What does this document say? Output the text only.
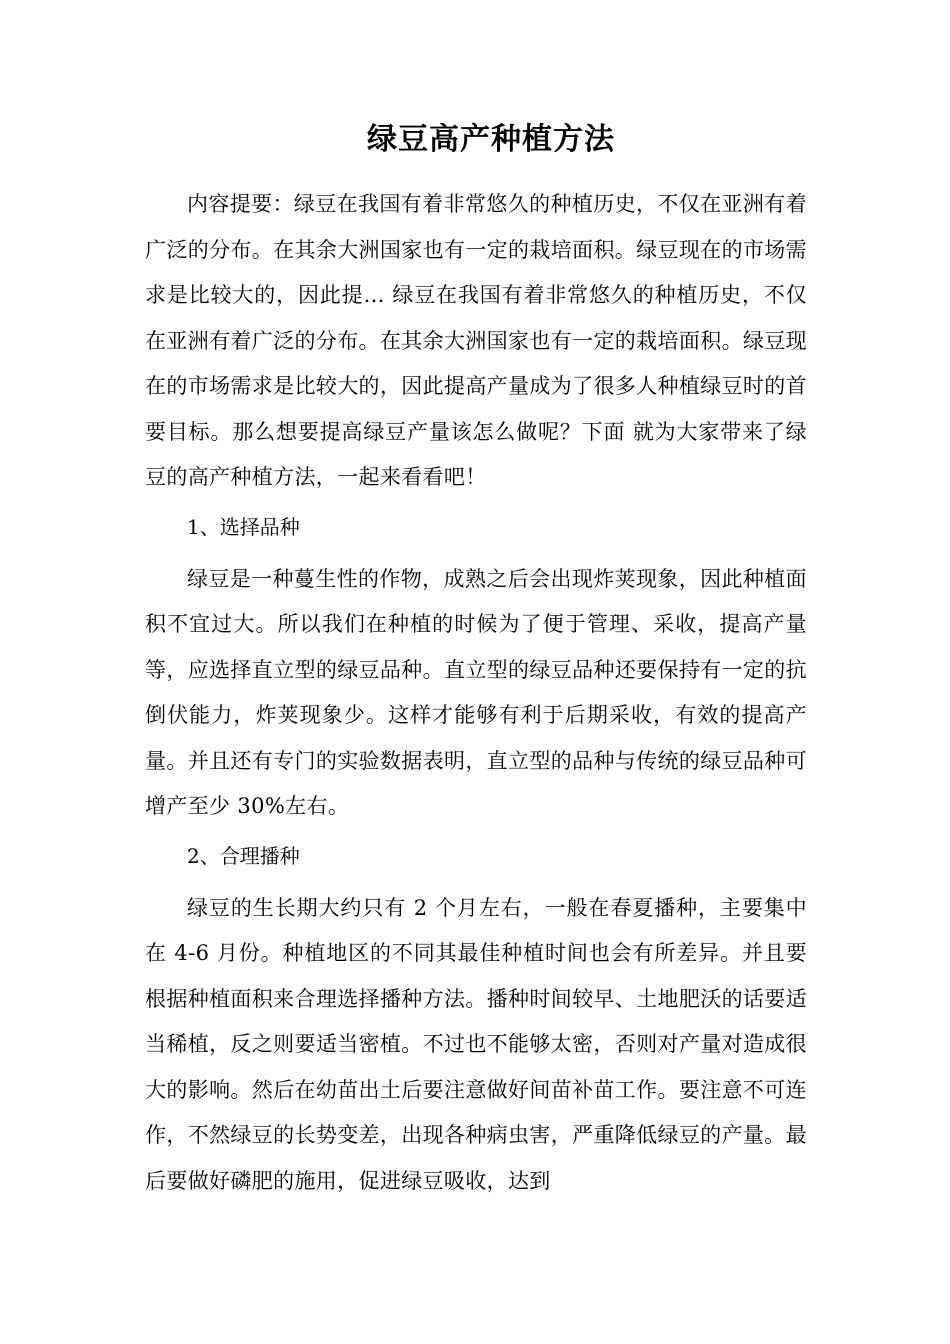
绿豆高产种植方法

内容提要：绿豆在我国有着非常悠久的种植历史，不仅在亚洲有着广泛的分布。在其余大洲国家也有一定的栽培面积。绿豆现在的市场需求是比较大的，因此提… 绿豆在我国有着非常悠久的种植历史，不仅在亚洲有着广泛的分布。在其余大洲国家也有一定的栽培面积。绿豆现在的市场需求是比较大的，因此提高产量成为了很多人种植绿豆时的首要目标。那么想要提高绿豆产量该怎么做呢？下面 就为大家带来了绿豆的高产种植方法，一起来看看吧！

1、选择品种

绿豆是一种蔓生性的作物，成熟之后会出现炸荚现象，因此种植面积不宜过大。所以我们在种植的时候为了便于管理、采收，提高产量等，应选择直立型的绿豆品种。直立型的绿豆品种还要保持有一定的抗倒伏能力，炸荚现象少。这样才能够有利于后期采收，有效的提高产量。并且还有专门的实验数据表明，直立型的品种与传统的绿豆品种可增产至少 30%左右。

2、合理播种

绿豆的生长期大约只有 2 个月左右，一般在春夏播种，主要集中在 4-6 月份。种植地区的不同其最佳种植时间也会有所差异。并且要根据种植面积来合理选择播种方法。播种时间较早、土地肥沃的话要适当稀植，反之则要适当密植。不过也不能够太密，否则对产量对造成很大的影响。然后在幼苗出土后要注意做好间苗补苗工作。要注意不可连作，不然绿豆的长势变差，出现各种病虫害，严重降低绿豆的产量。最后要做好磷肥的施用，促进绿豆吸收，达到
